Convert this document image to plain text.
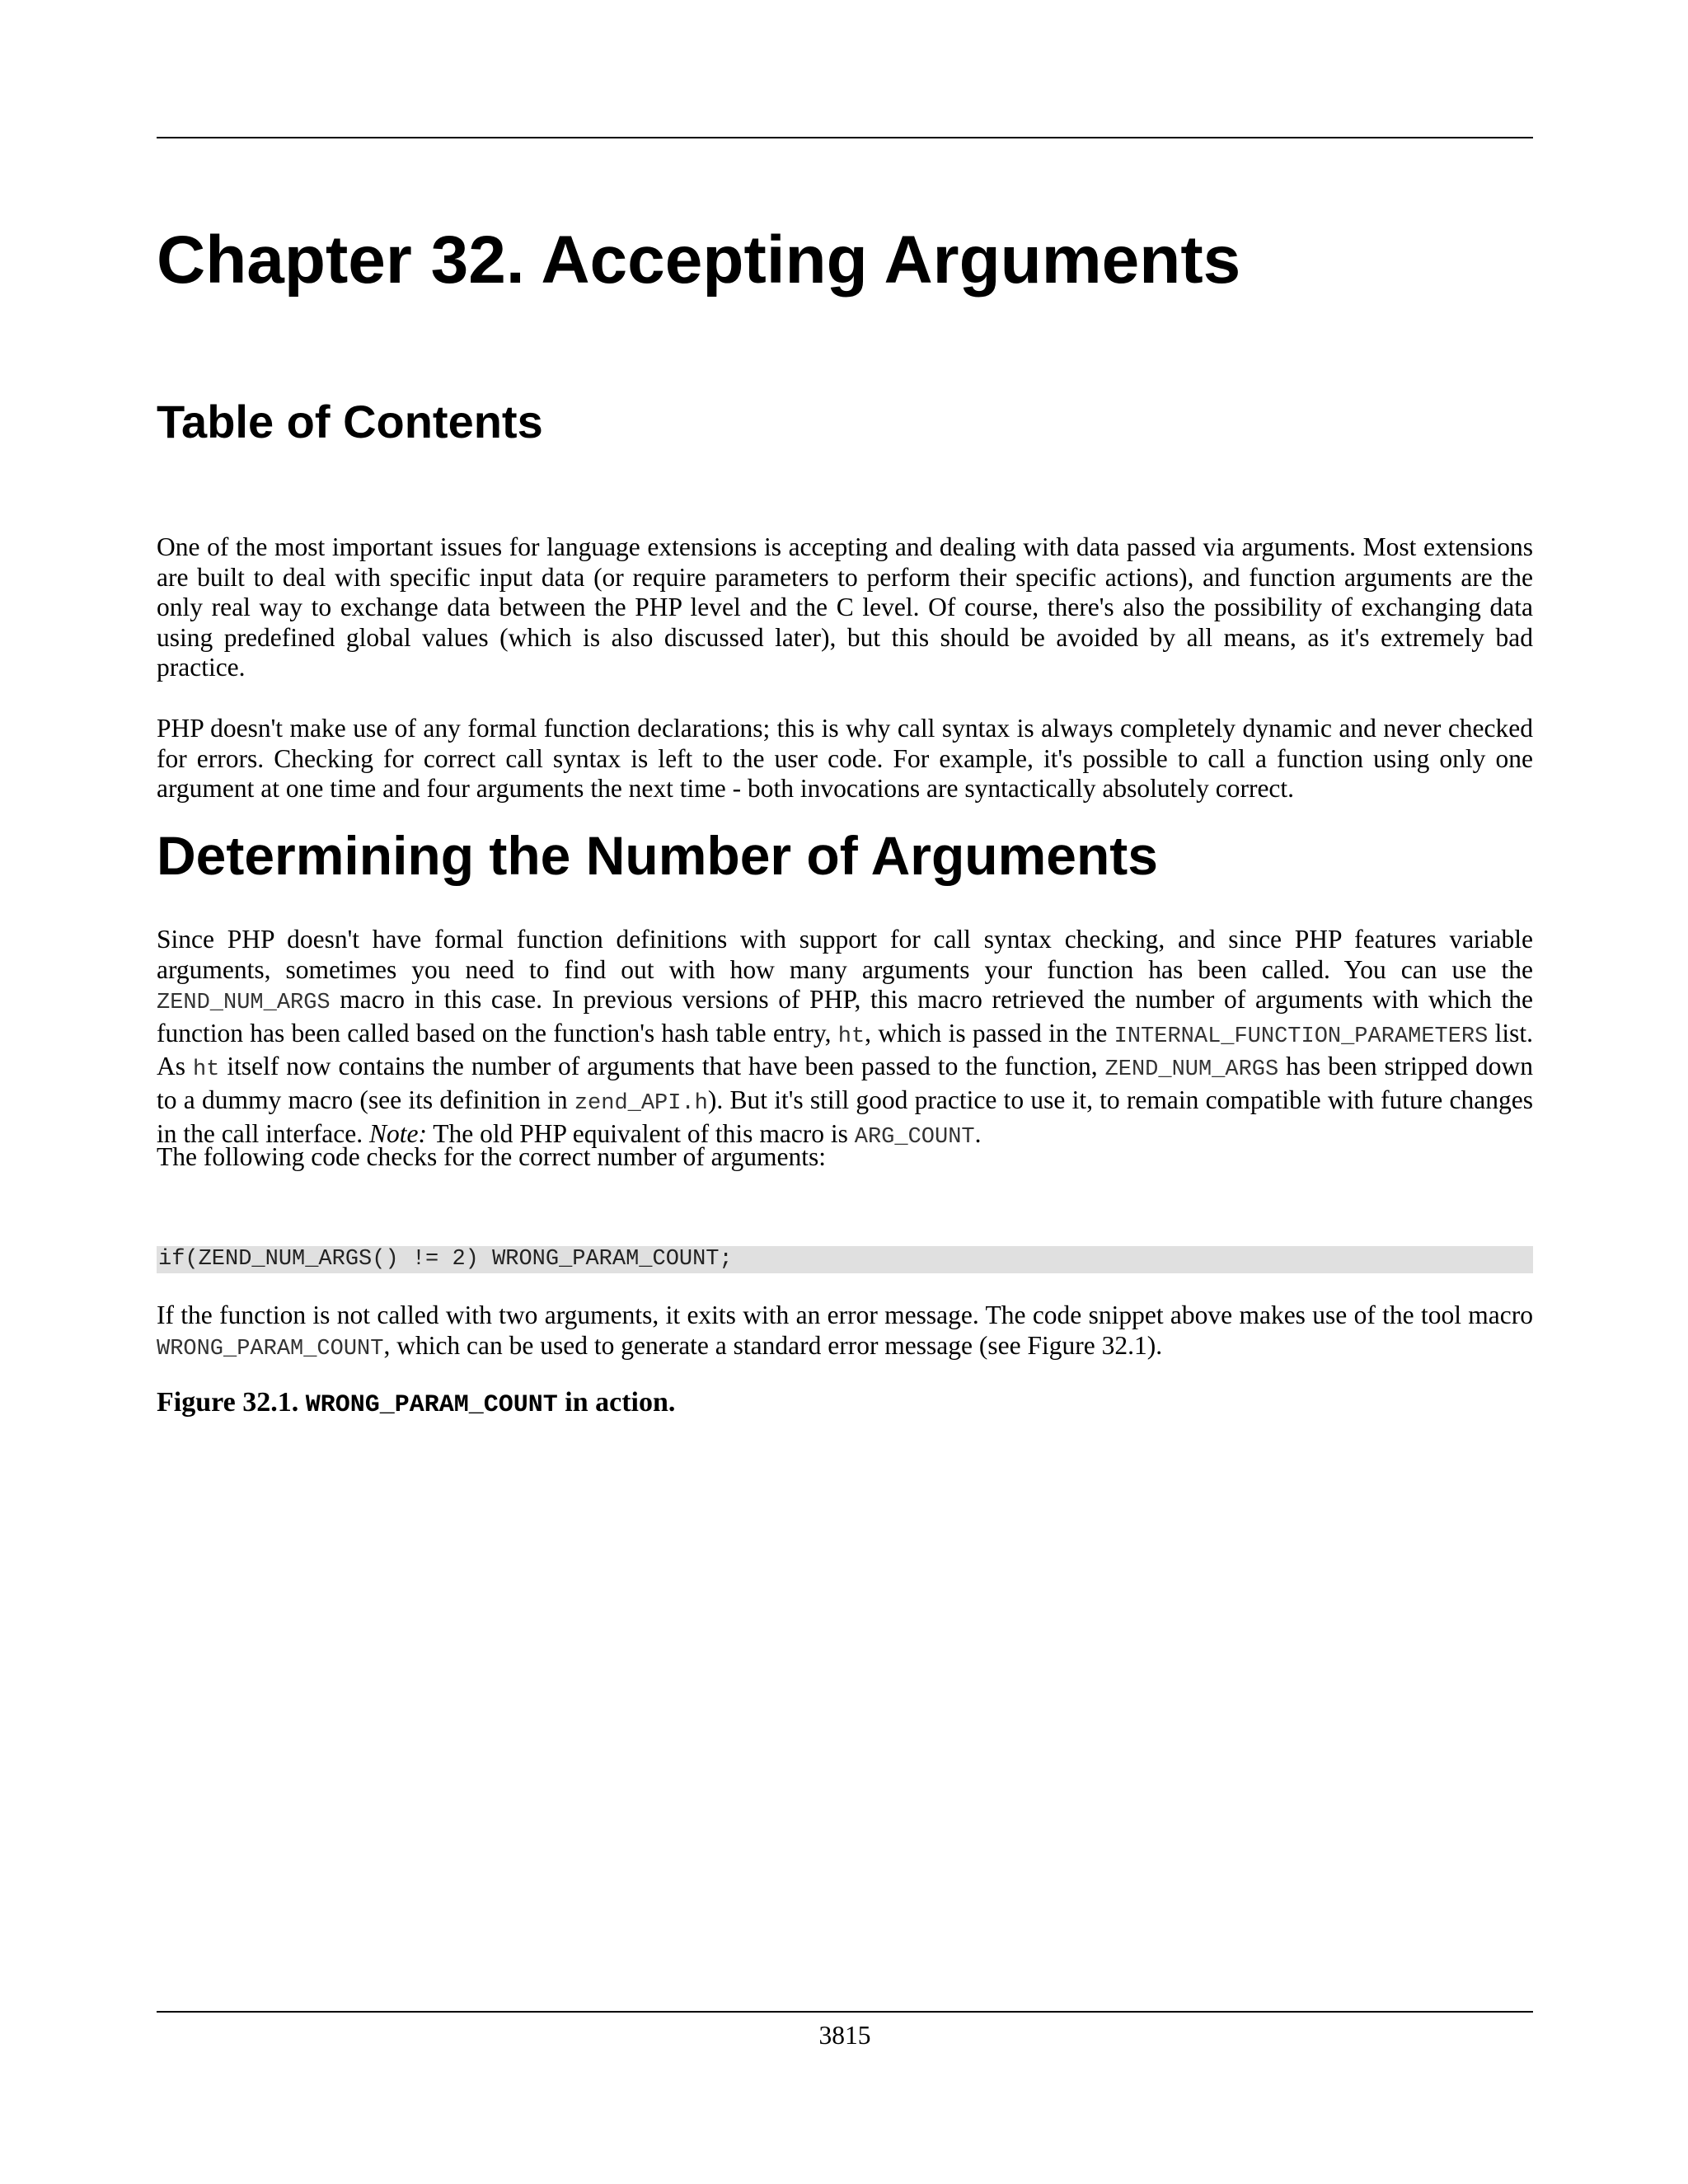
Chapter 32. Accepting Arguments
Table of Contents

One of the most important issues for language extensions is accepting and dealing with data passed via arguments. Most extensions are built to deal with specific input data (or require parameters to perform their specific actions), and function arguments are the only real way to exchange data between the PHP level and the C level. Of course, there's also the possibility of exchanging data using predefined global values (which is also discussed later), but this should be avoided by all means, as it's extremely bad practice.

PHP doesn't make use of any formal function declarations; this is why call syntax is always completely dynamic and never checked for errors. Checking for correct call syntax is left to the user code. For example, it's possible to call a function using only one argument at one time and four arguments the next time - both invocations are syntactically absolutely correct.

Determining the Number of Arguments

Since PHP doesn't have formal function definitions with support for call syntax checking, and since PHP features variable arguments, sometimes you need to find out with how many arguments your function has been called. You can use the ZEND_NUM_ARGS macro in this case. In previous versions of PHP, this macro retrieved the number of arguments with which the function has been called based on the function's hash table entry, ht, which is passed in the INTERNAL_FUNCTION_PARAMETERS list. As ht itself now contains the number of arguments that have been passed to the function, ZEND_NUM_ARGS has been stripped down to a dummy macro (see its definition in zend_API.h). But it's still good practice to use it, to remain compatible with future changes in the call interface. Note: The old PHP equivalent of this macro is ARG_COUNT.

The following code checks for the correct number of arguments:

if(ZEND_NUM_ARGS() != 2) WRONG_PARAM_COUNT;

If the function is not called with two arguments, it exits with an error message. The code snippet above makes use of the tool macro WRONG_PARAM_COUNT, which can be used to generate a standard error message (see Figure 32.1).

Figure 32.1. WRONG_PARAM_COUNT in action.

3815
